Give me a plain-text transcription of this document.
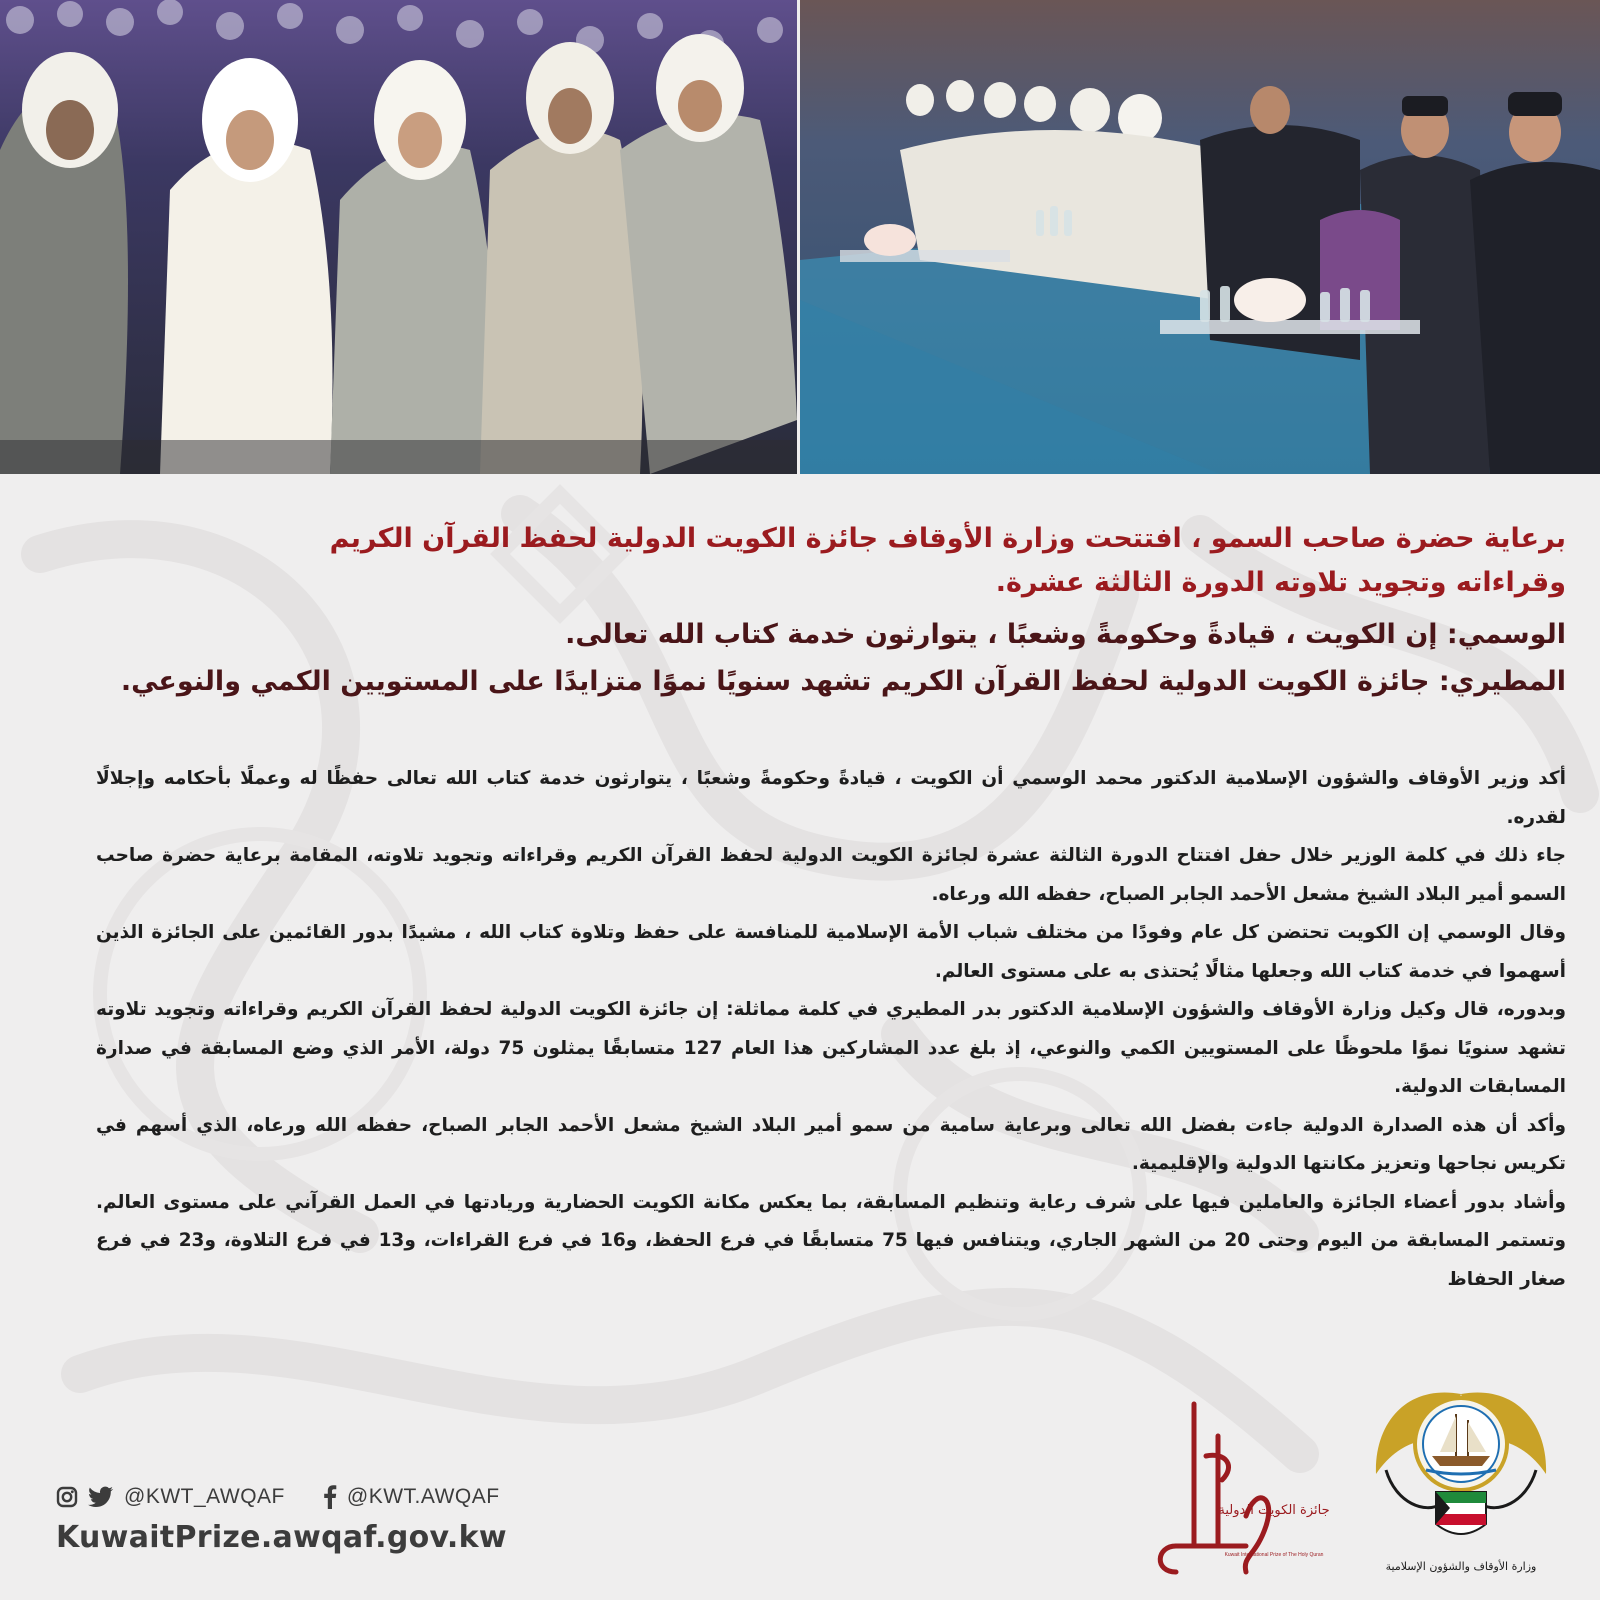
برعاية حضرة صاحب السمو ، افتتحت وزارة الأوقاف جائزة الكويت الدولية لحفظ القرآن الكريم

وقراءاته وتجويد تلاوته الدورة الثالثة عشرة.

الوسمي: إن الكويت ، قيادةً وحكومةً وشعبًا ، يتوارثون خدمة كتاب الله تعالى.

المطيري: جائزة الكويت الدولية لحفظ القرآن الكريم تشهد سنويًا نموًا متزايدًا على المستويين الكمي والنوعي.

أكد وزير الأوقاف والشؤون الإسلامية الدكتور محمد الوسمي أن الكويت ، قيادةً وحكومةً وشعبًا ، يتوارثون خدمة كتاب الله تعالى حفظًا له وعملًا بأحكامه وإجلالًا لقدره.

جاء ذلك في كلمة الوزير خلال حفل افتتاح الدورة الثالثة عشرة لجائزة الكويت الدولية لحفظ القرآن الكريم وقراءاته وتجويد تلاوته، المقامة برعاية حضرة صاحب السمو أمير البلاد الشيخ مشعل الأحمد الجابر الصباح، حفظه الله ورعاه.

وقال الوسمي إن الكويت تحتضن كل عام وفودًا من مختلف شباب الأمة الإسلامية للمنافسة على حفظ وتلاوة كتاب الله ، مشيدًا بدور القائمين على الجائزة الذين أسهموا في خدمة كتاب الله وجعلها مثالًا يُحتذى به على مستوى العالم.

وبدوره، قال وكيل وزارة الأوقاف والشؤون الإسلامية الدكتور بدر المطيري في كلمة مماثلة: إن جائزة الكويت الدولية لحفظ القرآن الكريم وقراءاته وتجويد تلاوته تشهد سنويًا نموًا ملحوظًا على المستويين الكمي والنوعي، إذ بلغ عدد المشاركين هذا العام 127 متسابقًا يمثلون 75 دولة، الأمر الذي وضع المسابقة في صدارة المسابقات الدولية.

وأكد أن هذه الصدارة الدولية جاءت بفضل الله تعالى وبرعاية سامية من سمو أمير البلاد الشيخ مشعل الأحمد الجابر الصباح، حفظه الله ورعاه، الذي أسهم في تكريس نجاحها وتعزيز مكانتها الدولية والإقليمية.

وأشاد بدور أعضاء الجائزة والعاملين فيها على شرف رعاية وتنظيم المسابقة، بما يعكس مكانة الكويت الحضارية وريادتها في العمل القرآني على مستوى العالم. وتستمر المسابقة من اليوم وحتى 20 من الشهر الجاري، ويتنافس فيها 75 متسابقًا في فرع الحفظ، و16 في فرع القراءات، و13 في فرع التلاوة، و23 في فرع صغار الحفاظ

@KWT_AWQAF	@KWT.AWQAF
KuwaitPrize.awqaf.gov.kw
جائزة الكويت الدولية
Kuwait International Prize of The Holy Quran
وزارة الأوقاف والشؤون الإسلامية
